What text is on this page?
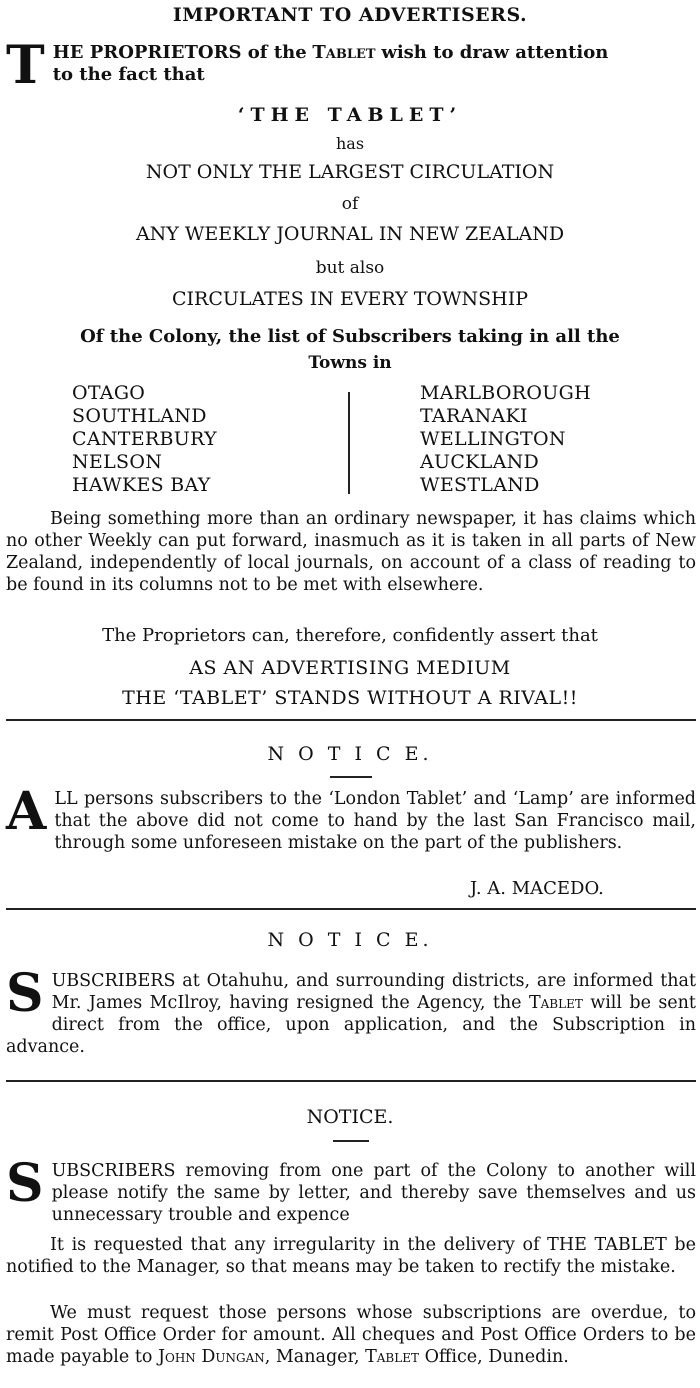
IMPORTANT TO ADVERTISERS.
T HE PROPRIETORS of the Tablet wish to draw attention
to the fact that
‘THE TABLET’
has
NOT ONLY THE LARGEST CIRCULATION
of
ANY WEEKLY JOURNAL IN NEW ZEALAND
but also
CIRCULATES IN EVERY TOWNSHIP
Of the Colony, the list of Subscribers taking in all the
Towns in
OTAGO
SOUTHLAND
CANTERBURY
NELSON
HAWKES BAY
MARLBOROUGH
TARANAKI
WELLINGTON
AUCKLAND
WESTLAND
Being something more than an ordinary newspaper, it has claims which no other Weekly can put forward, inasmuch as it is taken in all parts of New Zealand, independently of local journals, on account of a class of reading to be found in its columns not to be met with elsewhere.
The Proprietors can, therefore, confidently assert that
AS AN ADVERTISING MEDIUM
THE ‘TABLET’ STANDS WITHOUT A RIVAL!!
N O T I C E.
A LL persons subscribers to the ‘London Tablet’ and ‘Lamp’ are informed that the above did not come to hand by the last San Francisco mail, through some unforeseen mistake on the part of the publishers.
J. A. MACEDO.
N O T I C E.
S UBSCRIBERS at Otahuhu, and surrounding districts, are informed that Mr. James McIlroy, having resigned the Agency, the Tablet will be sent direct from the office, upon application, and the Subscription in advance.
NOTICE.
S UBSCRIBERS removing from one part of the Colony to another will please notify the same by letter, and thereby save themselves and us unnecessary trouble and expence
It is requested that any irregularity in the delivery of THE TABLET be notified to the Manager, so that means may be taken to rectify the mistake.
We must request those persons whose subscriptions are overdue, to remit Post Office Order for amount. All cheques and Post Office Orders to be made payable to John Dungan, Manager, Tablet Office, Dunedin.
